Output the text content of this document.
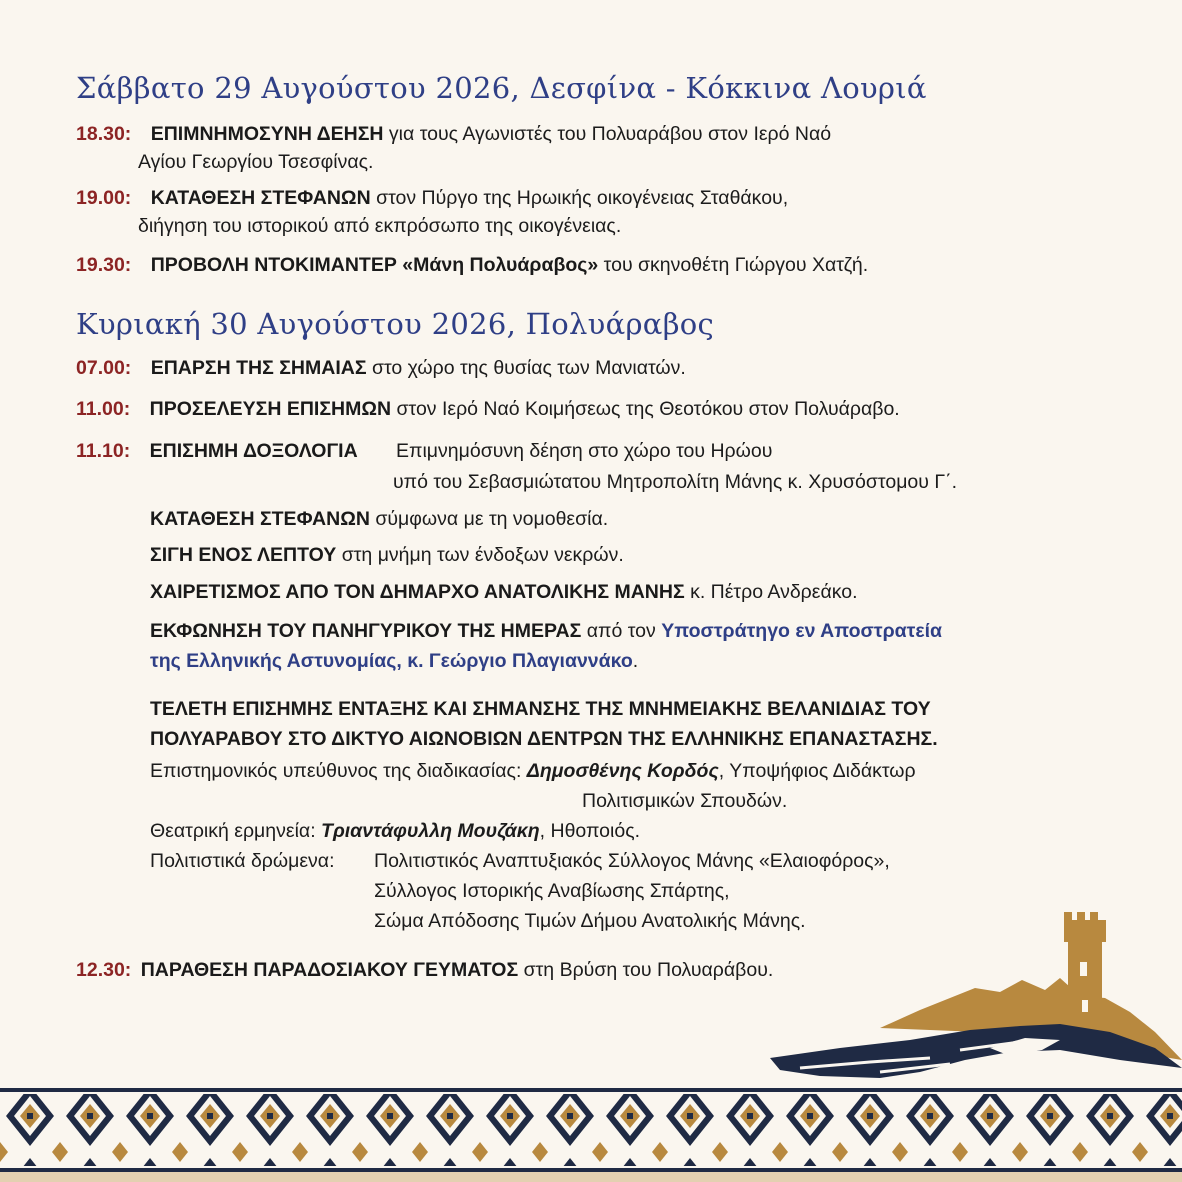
Σάββατο 29 Αυγούστου 2026, Δεσφίνα - Κόκκινα Λουριά
18.30: ΕΠΙΜΝΗΜΟΣΥΝΗ ΔΕΗΣΗ για τους Αγωνιστές του Πολυαράβου στον Ιερό Ναό
Αγίου Γεωργίου Τσεσφίνας.
19.00: ΚΑΤΑΘΕΣΗ ΣΤΕΦΑΝΩΝ στον Πύργο της Ηρωικής οικογένειας Σταθάκου,
διήγηση του ιστορικού από εκπρόσωπο της οικογένειας.
19.30: ΠΡΟΒΟΛΗ ΝΤΟΚΙΜΑΝΤΕΡ «Μάνη Πολυάραβος» του σκηνοθέτη Γιώργου Χατζή.
Κυριακή 30 Αυγούστου 2026, Πολυάραβος
07.00: ΕΠΑΡΣΗ ΤΗΣ ΣΗΜΑΙΑΣ στο χώρο της θυσίας των Μανιατών.
11.00: ΠΡΟΣΕΛΕΥΣΗ ΕΠΙΣΗΜΩΝ στον Ιερό Ναό Κοιμήσεως της Θεοτόκου στον Πολυάραβο.
11.10: ΕΠΙΣΗΜΗ ΔΟΞΟΛΟΓΙΑ Επιμνημόσυνη δέηση στο χώρο του Ηρώου
υπό του Σεβασμιώτατου Μητροπολίτη Μάνης κ. Χρυσόστομου Γ΄.
ΚΑΤΑΘΕΣΗ ΣΤΕΦΑΝΩΝ σύμφωνα με τη νομοθεσία.
ΣΙΓΗ ΕΝΟΣ ΛΕΠΤΟΥ στη μνήμη των ένδοξων νεκρών.
ΧΑΙΡΕΤΙΣΜΟΣ ΑΠΟ ΤΟΝ ΔΗΜΑΡΧΟ ΑΝΑΤΟΛΙΚΗΣ ΜΑΝΗΣ κ. Πέτρο Ανδρεάκο.
ΕΚΦΩΝΗΣΗ ΤΟΥ ΠΑΝΗΓΥΡΙΚΟΥ ΤΗΣ ΗΜΕΡΑΣ από τον Υποστράτηγο εν Αποστρατεία
της Ελληνικής Αστυνομίας, κ. Γεώργιο Πλαγιαννάκο.
ΤΕΛΕΤΗ ΕΠΙΣΗΜΗΣ ΕΝΤΑΞΗΣ ΚΑΙ ΣΗΜΑΝΣΗΣ ΤΗΣ ΜΝΗΜΕΙΑΚΗΣ ΒΕΛΑΝΙΔΙΑΣ ΤΟΥ
ΠΟΛΥΑΡΑΒΟΥ ΣΤΟ ΔΙΚΤΥΟ ΑΙΩΝΟΒΙΩΝ ΔΕΝΤΡΩΝ ΤΗΣ ΕΛΛΗΝΙΚΗΣ ΕΠΑΝΑΣΤΑΣΗΣ.
Επιστημονικός υπεύθυνος της διαδικασίας: Δημοσθένης Κορδός, Υποψήφιος Διδάκτωρ
Πολιτισμικών Σπουδών.
Θεατρική ερμηνεία: Τριαντάφυλλη Μουζάκη, Ηθοποιός.
Πολιτιστικά δρώμενα: Πολιτιστικός Αναπτυξιακός Σύλλογος Μάνης «Ελαιοφόρος»,
Σύλλογος Ιστορικής Αναβίωσης Σπάρτης,
Σώμα Απόδοσης Τιμών Δήμου Ανατολικής Μάνης.
12.30: ΠΑΡΑΘΕΣΗ ΠΑΡΑΔΟΣΙΑΚΟΥ ΓΕΥΜΑΤΟΣ στη Βρύση του Πολυαράβου.
